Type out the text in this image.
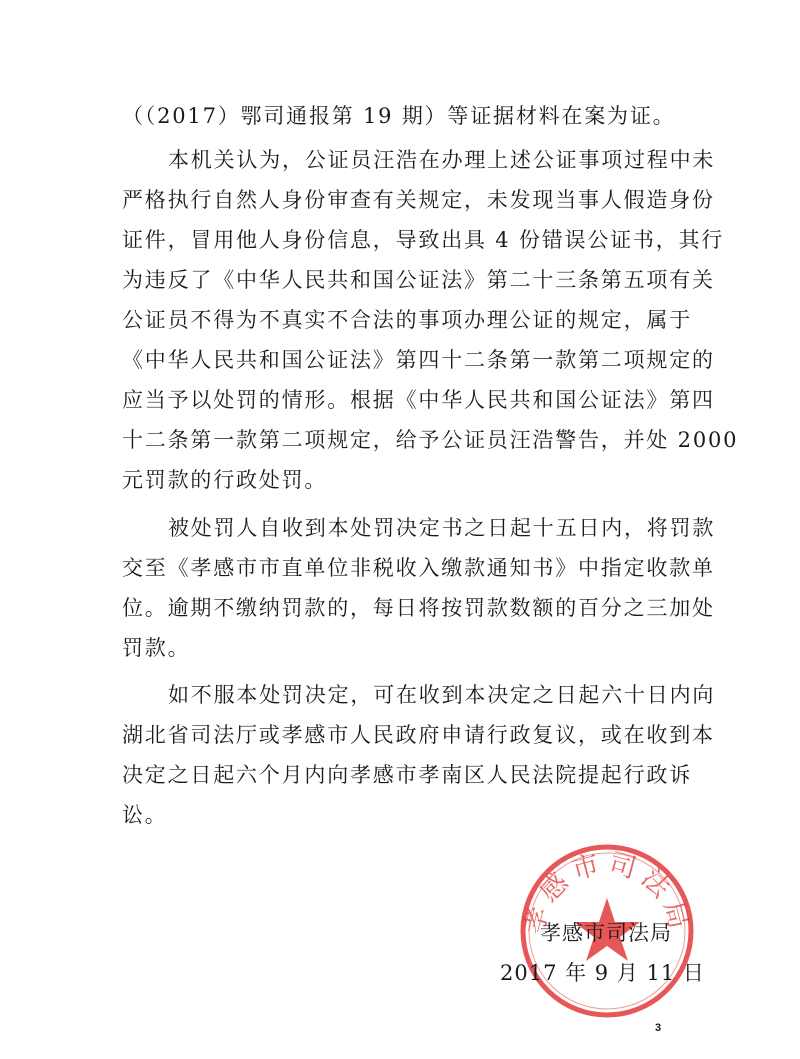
（（2017）鄂司通报第 19 期）等证据材料在案为证。
本机关认为，公证员汪浩在办理上述公证事项过程中未
严格执行自然人身份审查有关规定，未发现当事人假造身份
证件，冒用他人身份信息，导致出具 4 份错误公证书，其行
为违反了《中华人民共和国公证法》第二十三条第五项有关
公证员不得为不真实不合法的事项办理公证的规定，属于
《中华人民共和国公证法》第四十二条第一款第二项规定的
应当予以处罚的情形。根据《中华人民共和国公证法》第四
十二条第一款第二项规定，给予公证员汪浩警告，并处 2000
元罚款的行政处罚。
被处罚人自收到本处罚决定书之日起十五日内，将罚款
交至《孝感市市直单位非税收入缴款通知书》中指定收款单
位。逾期不缴纳罚款的，每日将按罚款数额的百分之三加处
罚款。
如不服本处罚决定，可在收到本决定之日起六十日内向
湖北省司法厅或孝感市人民政府申请行政复议，或在收到本
决定之日起六个月内向孝感市孝南区人民法院提起行政诉
讼。
孝感市司法局
孝感市司法局
2017 年 9 月 11 日
3
